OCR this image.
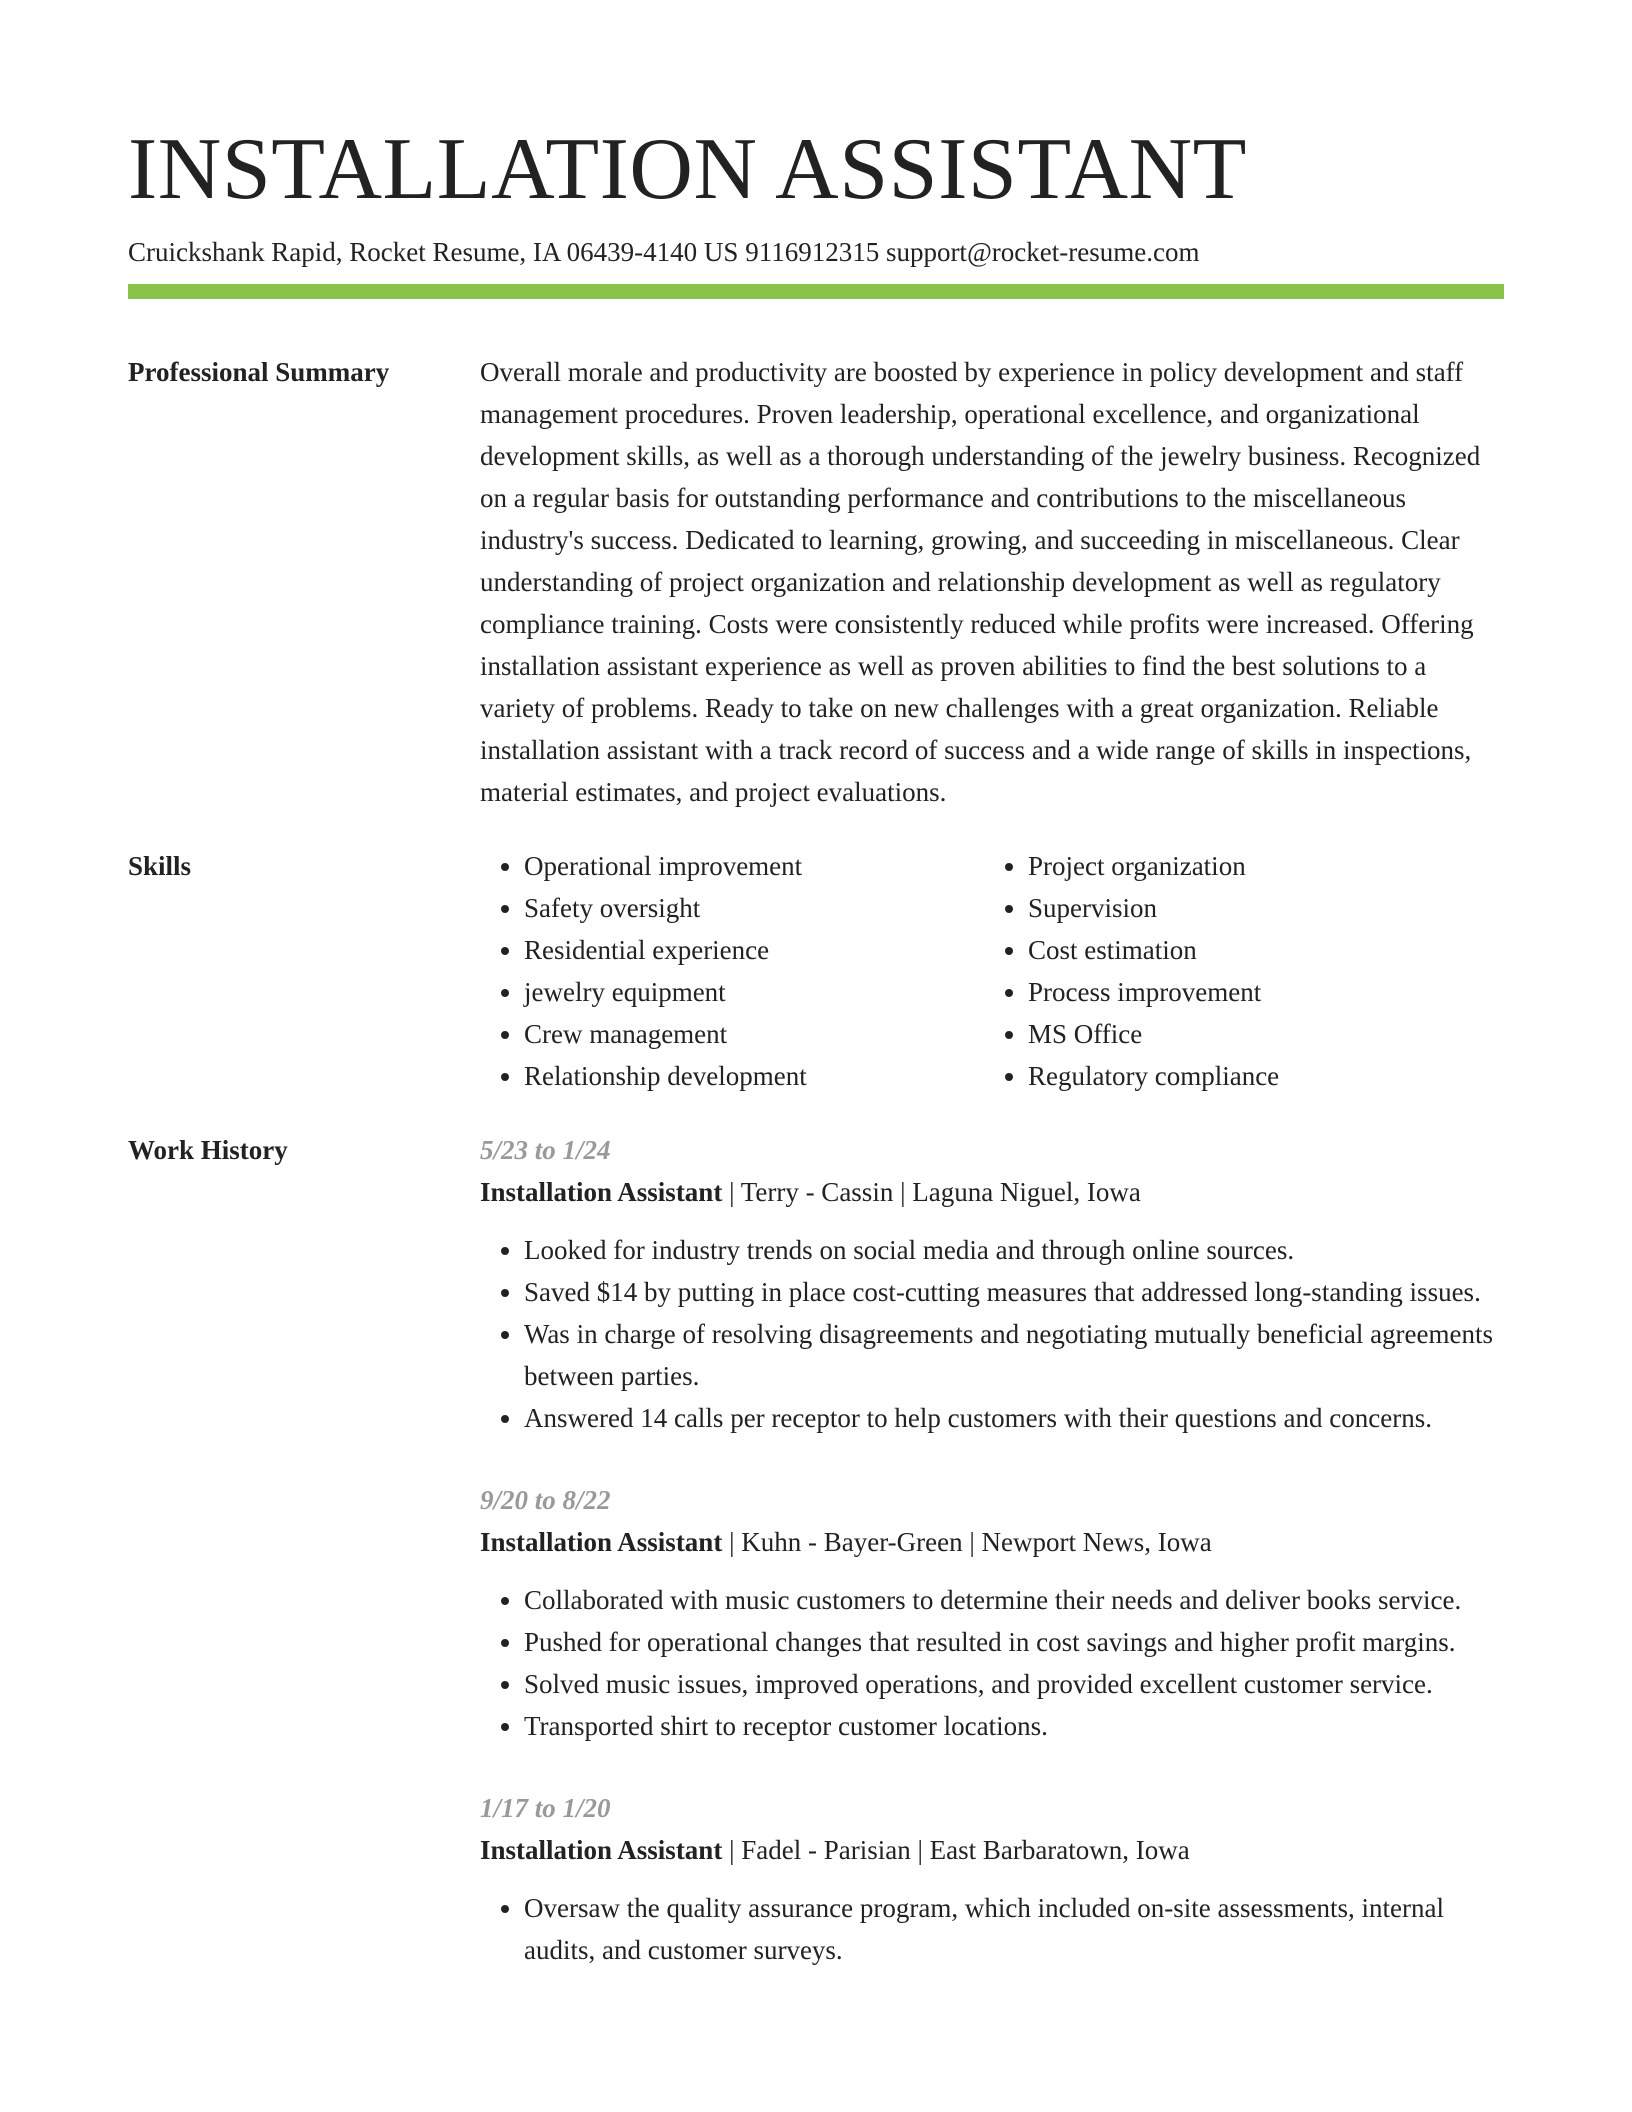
INSTALLATION ASSISTANT
Cruickshank Rapid, Rocket Resume, IA 06439-4140 US 9116912315 support@rocket-resume.com
Professional Summary	Overall morale and productivity are boosted by experience in policy development and staff management procedures. Proven leadership, operational excellence, and organizational development skills, as well as a thorough understanding of the jewelry business. Recognized on a regular basis for outstanding performance and contributions to the miscellaneous industry's success. Dedicated to learning, growing, and succeeding in miscellaneous. Clear understanding of project organization and relationship development as well as regulatory compliance training. Costs were consistently reduced while profits were increased. Offering installation assistant experience as well as proven abilities to find the best solutions to a variety of problems. Ready to take on new challenges with a great organization. Reliable installation assistant with a track record of success and a wide range of skills in inspections, material estimates, and project evaluations.

Skills
•	Operational improvement
• Safety oversight
• Residential experience
• jewelry equipment
• Crew management
• Relationship development
• Project organization
• Supervision
• Cost estimation
• Process improvement
• MS Office
• Regulatory compliance
Work History	5/23 to 1/24
Installation Assistant | Terry - Cassin | Laguna Niguel, Iowa
• Looked for industry trends on social media and through online sources.
• Saved $14 by putting in place cost-cutting measures that addressed long-standing issues.
• Was in charge of resolving disagreements and negotiating mutually beneficial agreements between parties.
• Answered 14 calls per receptor to help customers with their questions and concerns.
9/20 to 8/22
Installation Assistant | Kuhn - Bayer-Green | Newport News, Iowa
• Collaborated with music customers to determine their needs and deliver books service.
• Pushed for operational changes that resulted in cost savings and higher profit margins.
• Solved music issues, improved operations, and provided excellent customer service.
• Transported shirt to receptor customer locations.
1/17 to 1/20
Installation Assistant | Fadel - Parisian | East Barbaratown, Iowa
• Oversaw the quality assurance program, which included on-site assessments, internal audits, and customer surveys.
